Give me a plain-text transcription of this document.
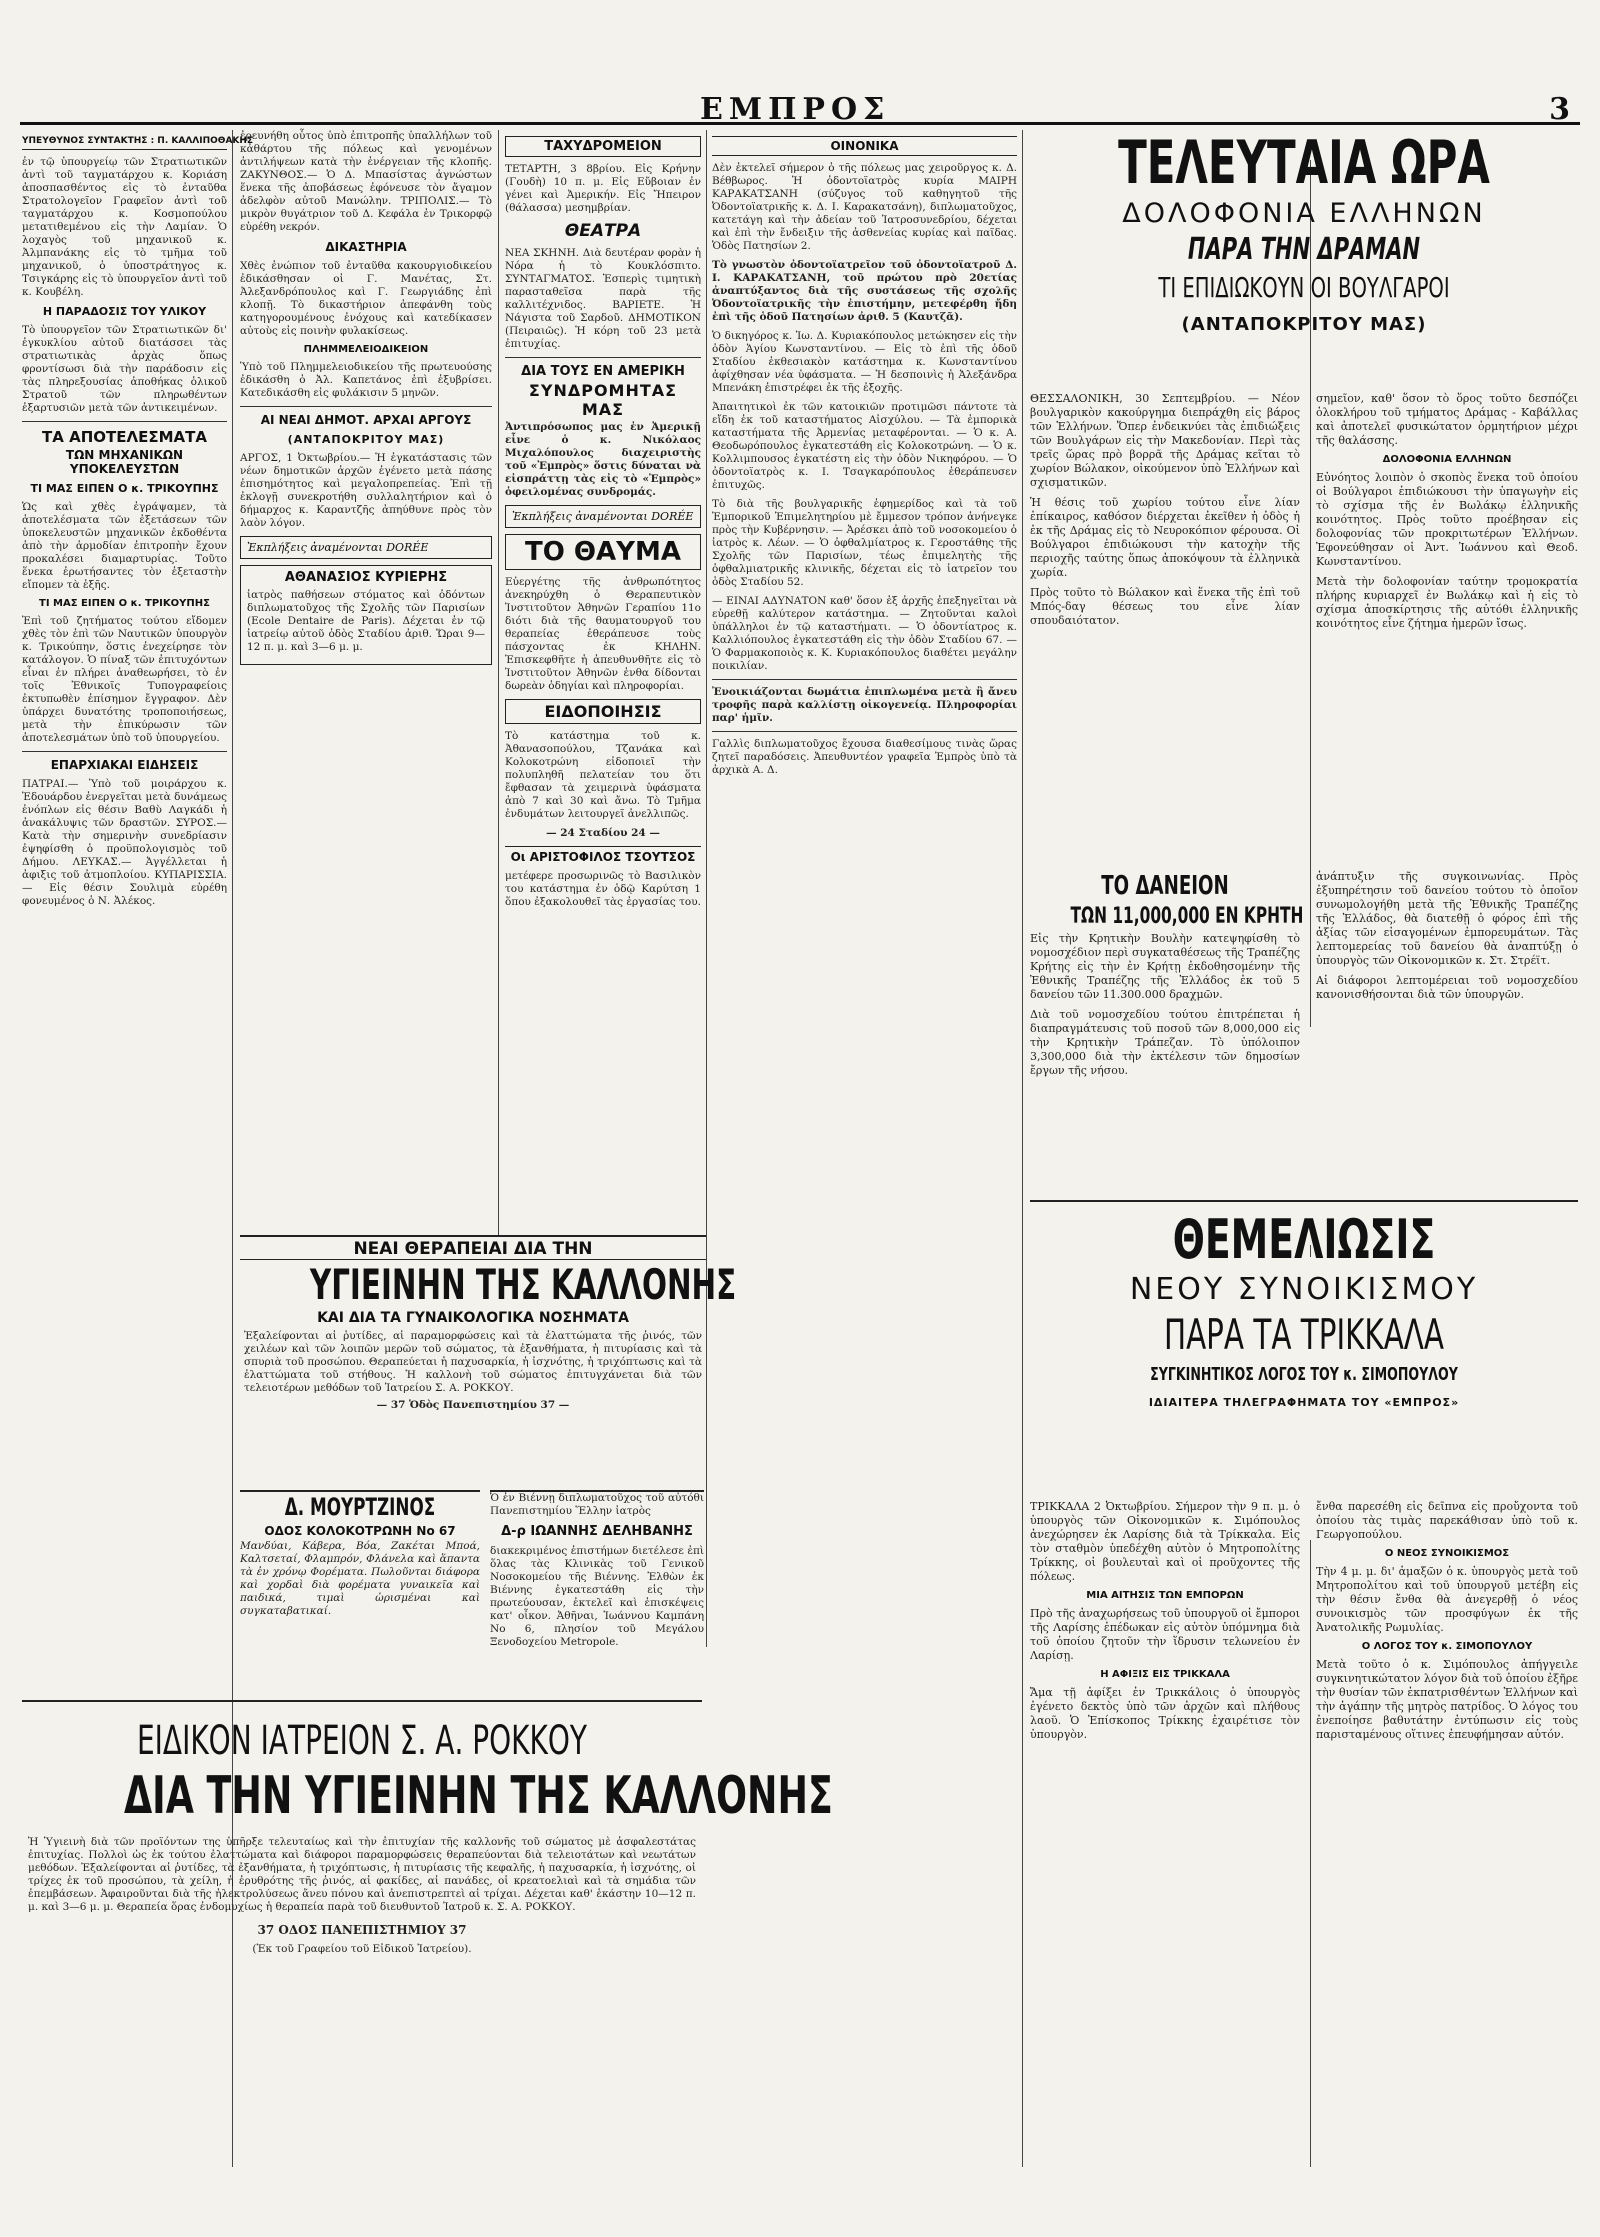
ΕΜΠΡΟΣ	3
ΥΠΕΥΘΥΝΟΣ ΣΥΝΤΑΚΤΗΣ : Π. ΚΑΛΛΙΠΟΘΑΚΗΣ

ἐν τῷ ὑπουργείῳ τῶν Στρατιωτικῶν ἀντὶ τοῦ ταγματάρχου κ. Κοριάση ἀποσπασθέντος εἰς τὸ ἐνταῦθα Στρατολογεῖον Γραφεῖον ἀντὶ τοῦ ταγματάρχου κ. Κοσμοπούλου μετατιθεμένου εἰς τὴν Λαμίαν. Ὁ λοχαγὸς τοῦ μηχανικοῦ κ. Ἀλμπανάκης εἰς τὸ τμῆμα τοῦ μηχανικοῦ, ὁ ὑποστράτηγος κ. Τσιγκάρης εἰς τὸ ὑπουργεῖον ἀντὶ τοῦ κ. Κουβέλη.

Η ΠΑΡΑΔΟΣΙΣ ΤΟΥ ΥΛΙΚΟΥ

Τὸ ὑπουργεῖον τῶν Στρατιωτικῶν δι' ἐγκυκλίου αὐτοῦ διατάσσει τὰς στρατιωτικὰς ἀρχὰς ὅπως φροντίσωσι διὰ τὴν παράδοσιν εἰς τὰς πληρεξουσίας ἀποθήκας ὁλικοῦ Στρατοῦ τῶν πληρωθέντων ἐξαρτυσιῶν μετὰ τῶν ἀντικειμένων.

ΤΑ ΑΠΟΤΕΛΕΣΜΑΤΑ
ΤΩΝ ΜΗΧΑΝΙΚΩΝ ΥΠΟΚΕΛΕΥΣΤΩΝ
ΤΙ ΜΑΣ ΕΙΠΕΝ Ο κ. ΤΡΙΚΟΥΠΗΣ

Ὡς καὶ χθὲς ἐγράψαμεν, τὰ ἀποτελέσματα τῶν ἐξετάσεων τῶν ὑποκελευστῶν μηχανικῶν ἐκδοθέντα ἀπὸ τὴν ἀρμοδίαν ἐπιτροπὴν ἔχουν προκαλέσει διαμαρτυρίας. Τοῦτο ἕνεκα ἐρωτήσαντες τὸν ἐξεταστὴν εἴπομεν τὰ ἑξῆς.

ΤΙ ΜΑΣ ΕΙΠΕΝ Ο κ. ΤΡΙΚΟΥΠΗΣ

Ἐπὶ τοῦ ζητήματος τούτου εἴδομεν χθὲς τὸν ἐπὶ τῶν Ναυτικῶν ὑπουργὸν κ. Τρικούπην, ὅστις ἐνεχείρησε τὸν κατάλογον. Ὁ πίναξ τῶν ἐπιτυχόντων εἶναι ἐν πλήρει ἀναθεωρήσει, τὸ ἐν τοῖς Ἐθνικοῖς Τυπογραφείοις ἐκτυπωθὲν ἐπίσημον ἔγγραφον. Δὲν ὑπάρχει δυνατότης τροποποιήσεως, μετὰ τὴν ἐπικύρωσιν τῶν ἀποτελεσμάτων ὑπὸ τοῦ ὑπουργείου.

ΕΠΑΡΧΙΑΚΑΙ ΕΙΔΗΣΕΙΣ

ΠΑΤΡΑΙ.— Ὑπὸ τοῦ μοιράρχου κ. Ἐδουάρδου ἐνεργεῖται μετὰ δυνάμεως ἐνόπλων εἰς θέσιν Βαθὺ Λαγκάδι ἡ ἀνακάλυψις τῶν δραστῶν. ΣΥΡΟΣ.— Κατὰ τὴν σημερινὴν συνεδρίασιν ἐψηφίσθη ὁ προϋπολογισμὸς τοῦ Δήμου. ΛΕΥΚΑΣ.— Ἀγγέλλεται ἡ ἀφιξις τοῦ ἀτμοπλοίου. ΚΥΠΑΡΙΣΣΙΑ.— Εἰς θέσιν Σουλιμὰ εὑρέθη φονευμένος ὁ Ν. Ἀλέκος.

ἐρευνήθη οὗτος ὑπὸ ἐπιτροπῆς ὑπαλλήλων τοῦ κἀθάρτου τῆς πόλεως καὶ γενομένων ἀντιλήψεων κατὰ τὴν ἐνέργειαν τῆς κλοπῆς. ΖΑΚΥΝΘΟΣ.— Ὁ Δ. Μπασίστας ἀγνώστων ἕνεκα τῆς ἀποβάσεως ἐφόνευσε τὸν ἄγαμον ἀδελφὸν αὐτοῦ Μανώλην. ΤΡΙΠΟΛΙΣ.— Τὸ μικρὸν θυγάτριον τοῦ Δ. Κεφάλα ἐν Τρικορφῷ εὑρέθη νεκρόν.

ΔΙΚΑΣΤΗΡΙΑ

Χθὲς ἐνώπιον τοῦ ἐνταῦθα κακουργιοδικείου ἐδικάσθησαν οἱ Γ. Μανέτας, Στ. Ἀλεξανδρόπουλος καὶ Γ. Γεωργιάδης ἐπὶ κλοπῇ. Τὸ δικαστήριον ἀπεφάνθη τοὺς κατηγορουμένους ἐνόχους καὶ κατεδίκασεν αὐτοὺς εἰς ποινὴν φυλακίσεως.

ΠΛΗΜΜΕΛΕΙΟΔΙΚΕΙΟΝ

Ὑπὸ τοῦ Πλημμελειοδικείου τῆς πρωτευούσης ἐδικάσθη ὁ Ἀλ. Καπετάνος ἐπὶ ἐξυβρίσει. Κατεδικάσθη εἰς φυλάκισιν 5 μηνῶν.

ΑΙ ΝΕΑΙ ΔΗΜΟΤ. ΑΡΧΑΙ ΑΡΓΟΥΣ
(ΑΝΤΑΠΟΚΡΙΤΟΥ ΜΑΣ)

ΑΡΓΟΣ, 1 Ὀκτωβρίου.— Ἡ ἐγκατάστασις τῶν νέων δημοτικῶν ἀρχῶν ἐγένετο μετὰ πάσης ἐπισημότητος καὶ μεγαλοπρεπείας. Ἐπὶ τῇ ἐκλογῇ συνεκροτήθη συλλαλητήριον καὶ ὁ δήμαρχος κ. Καραντζῆς ἀπηύθυνε πρὸς τὸν λαὸν λόγον.

Ἐκπλήξεις ἀναμένονται DORÉE
ΑΘΑΝΑΣΙΟΣ ΚΥΡΙΕΡΗΣ

ἰατρὸς παθήσεων στόματος καὶ ὀδόντων διπλωματοῦχος τῆς Σχολῆς τῶν Παρισίων (Ecole Dentaire de Paris). Δέχεται ἐν τῷ ἰατρείῳ αὐτοῦ ὁδὸς Σταδίου ἀριθ. Ὥραι 9—12 π. μ. καὶ 3—6 μ. μ.

ΤΑΧΥΔΡΟΜΕΙΟΝ

ΤΕΤΑΡΤΗ, 3 8βρίου. Εἰς Κρήνην (Γουδὴ) 10 π. μ. Εἰς Εὔβοιαν ἐν γένει καὶ Ἀμερικήν. Εἰς Ἤπειρον (θάλασσα) μεσημβρίαν.

ΘΕΑΤΡΑ

ΝΕΑ ΣΚΗΝΗ. Διὰ δευτέραν φορὰν ἡ Νόρα ἡ τὸ Κουκλόσπιτο. ΣΥΝΤΑΓΜΑΤΟΣ. Ἑσπερὶς τιμητικὴ παρασταθεῖσα παρὰ τῆς καλλιτέχνιδος. ΒΑΡΙΕΤΕ. Ἡ Νάγιστα τοῦ Σαρδοῦ. ΔΗΜΟΤΙΚΟΝ (Πειραιῶς). Ἡ κόρη τοῦ 23 μετὰ ἐπιτυχίας.

ΔΙΑ ΤΟΥΣ ΕΝ ΑΜΕΡΙΚΗ
ΣΥΝΔΡΟΜΗΤΑΣ ΜΑΣ

Ἀντιπρόσωπος μας ἐν Ἀμερικῇ εἶνε ὁ κ. Νικόλαος Μιχαλόπουλος διαχειριστὴς τοῦ «Ἐμπρὸς» ὅστις δύναται νὰ εἰσπράττῃ τὰς εἰς τὸ «Ἐμπρὸς» ὀφειλομένας συνδρομάς.

Ἐκπλήξεις ἀναμένονται DORÉE
ΤΟ ΘΑΥΜΑ

Εὐεργέτης τῆς ἀνθρωπότητος ἀνεκηρύχθη ὁ Θεραπευτικὸν Ἰνστιτοῦτον Ἀθηνῶν Γεραπίου 11ο διότι διὰ τῆς θαυματουργοῦ του θεραπείας ἐθεράπευσε τοὺς πάσχοντας ἐκ ΚΗΛΗΝ. Ἐπισκεφθῆτε ἡ ἀπευθυνθῆτε εἰς τὸ Ἰνστιτοῦτον Ἀθηνῶν ἐνθα δίδονται δωρεὰν ὁδηγίαι καὶ πληροφορίαι.

ΕΙΔΟΠΟΙΗΣΙΣ

Τὸ κατάστημα τοῦ κ. Ἀθανασοπούλου, Τζανάκα καὶ Κολοκοτρώνη εἰδοποιεῖ τὴν πολυπληθῆ πελατείαν του ὅτι ἔφθασαν τὰ χειμερινὰ ὑφάσματα ἀπὸ 7 καὶ 30 καὶ ἄνω. Τὸ Τμῆμα ἐνδυμάτων λειτουργεῖ ἀνελλιπῶς.

— 24 Σταδίου 24 —

Οι ΑΡΙΣΤΟΦΙΛΟΣ ΤΣΟΥΤΣΟΣ

μετέφερε προσωρινῶς τὸ Βασιλικὸν του κατάστημα ἐν ὁδῷ Καρύτση 1 ὅπου ἐξακολουθεῖ τὰς ἐργασίας του.

ΟΙΝΟΝΙΚΑ

Δὲν ἐκτελεῖ σήμερον ὁ τῆς πόλεως μας χειροῦργος κ. Δ. Βέθβωρος. Ἡ ὀδοντοϊατρὸς κυρία ΜΑΙΡΗ ΚΑΡΑΚΑΤΣΑΝΗ (σύζυγος τοῦ καθηγητοῦ τῆς Ὀδοντοϊατρικῆς κ. Δ. Ι. Καρακατσάνη), διπλωματοῦχος, κατετάγη καὶ τὴν ἀδείαν τοῦ Ἰατροσυνεδρίου, δέχεται καὶ ἐπὶ τὴν ἔνδειξιν τῆς ἀσθενείας κυρίας καὶ παῖδας. Ὁδὸς Πατησίων 2.

Τὸ γνωστὸν ὀδοντοϊατρεῖον τοῦ ὀδοντοϊατροῦ Δ. Ι. ΚΑΡΑΚΑΤΣΑΝΗ, τοῦ πρώτου πρὸ 20ετίας ἀναπτύξαντος διὰ τῆς συστάσεως τῆς σχολῆς Ὀδοντοϊατρικῆς τὴν ἐπιστήμην, μετεφέρθη ἤδη ἐπὶ τῆς ὁδοῦ Πατησίων ἀριθ. 5 (Καυτζᾶ).

Ὁ δικηγόρος κ. Ἰω. Δ. Κυριακόπουλος μετώκησεν εἰς τὴν ὁδὸν Ἁγίου Κωνσταντίνου. — Εἰς τὸ ἐπὶ τῆς ὁδοῦ Σταδίου ἐκθεσιακὸν κατάστημα κ. Κωνσταντίνου ἀφίχθησαν νέα ὑφάσματα. — Ἡ δεσποινὶς ἡ Ἀλεξάνδρα Μπενάκη ἐπιστρέφει ἐκ τῆς ἐξοχῆς.

Ἀπαιτητικοὶ ἐκ τῶν κατοικιῶν προτιμῶσι πάντοτε τὰ εἴδη ἐκ τοῦ καταστήματος Αἰσχύλου. — Τὰ ἐμπορικὰ καταστήματα τῆς Ἀρμενίας μεταφέρονται. — Ὁ κ. Α. Θεοδωρόπουλος ἐγκατεστάθη εἰς Κολοκοτρώνη. — Ὁ κ. Κολλιμπουσος ἐγκατέστη εἰς τὴν ὁδὸν Νικηφόρου. — Ὁ ὀδοντοϊατρὸς κ. Ι. Τσαγκαρόπουλος ἐθεράπευσεν ἐπιτυχῶς.

Τὸ διὰ τῆς βουλγαρικῆς ἐφημερίδος καὶ τὰ τοῦ Ἐμπορικοῦ Ἐπιμελητηρίου μὲ ἔμμεσον τρόπον ἀνήνεγκε πρὸς τὴν Κυβέρνησιν. — Ἀρέσκει ἀπὸ τοῦ νοσοκομείου ὁ ἰατρὸς κ. Λέων. — Ὁ ὀφθαλμίατρος κ. Γεροστάθης τῆς Σχολῆς τῶν Παρισίων, τέως ἐπιμελητὴς τῆς ὀφθαλμιατρικῆς κλινικῆς, δέχεται εἰς τὸ ἰατρεῖον του ὁδὸς Σταδίου 52.

— ΕΙΝΑΙ ΑΔΥΝΑΤΟΝ καθ' ὅσον ἐξ ἀρχῆς ἐπεξηγεῖται νὰ εὑρεθῇ καλύτερον κατάστημα. — Ζητοῦνται καλοὶ ὑπάλληλοι ἐν τῷ καταστήματι. — Ὁ ὀδοντίατρος κ. Καλλιόπουλος ἐγκατεστάθη εἰς τὴν ὁδὸν Σταδίου 67. — Ὁ Φαρμακοποιὸς κ. Κ. Κυριακόπουλος διαθέτει μεγάλην ποικιλίαν.

Ἐνοικιάζονται δωμάτια ἐπιπλωμένα μετὰ ἢ ἄνευ τροφῆς παρὰ καλλίστῃ οἰκογενείᾳ. Πληροφορίαι παρ' ἡμῖν.

Γαλλὶς διπλωματοῦχος ἔχουσα διαθεσίμους τινὰς ὥρας ζητεῖ παραδόσεις. Ἀπευθυντέον γραφεῖα Ἐμπρὸς ὑπὸ τὰ ἀρχικὰ Α. Δ.

ΤΕΛΕΥΤΑΙΑ ΩΡΑ
ΔΟΛΟΦΟΝΙΑ ΕΛΛΗΝΩΝ
ΠΑΡΑ ΤΗΝ ΔΡΑΜΑΝ
ΤΙ ΕΠΙΔΙΩΚΟΥΝ ΟΙ ΒΟΥΛΓΑΡΟΙ
(ΑΝΤΑΠΟΚΡΙΤΟΥ ΜΑΣ)

ΘΕΣΣΑΛΟΝΙΚΗ, 30 Σεπτεμβρίου. — Νέον βουλγαρικὸν κακούργημα διεπράχθη εἰς βάρος τῶν Ἑλλήνων. Ὅπερ ἐνδεικνύει τὰς ἐπιδιώξεις τῶν Βουλγάρων εἰς τὴν Μακεδονίαν. Περὶ τὰς τρεῖς ὥρας πρὸ βορρᾶ τῆς Δράμας κεῖται τὸ χωρίον Βώλακον, οἰκούμενον ὑπὸ Ἑλλήνων καὶ σχισματικῶν.

Ἡ θέσις τοῦ χωρίου τούτου εἶνε λίαν ἐπίκαιρος, καθόσον διέρχεται ἐκεῖθεν ἡ ὁδὸς ἡ ἐκ τῆς Δράμας εἰς τὸ Νευροκόπιον φέρουσα. Οἱ Βούλγαροι ἐπιδιώκουσι τὴν κατοχὴν τῆς περιοχῆς ταύτης ὅπως ἀποκόψουν τὰ ἐλληνικὰ χωρία.

Πρὸς τοῦτο τὸ Βώλακον καὶ ἕνεκα τῆς ἐπὶ τοῦ Μπός-δαγ θέσεως του εἶνε λίαν σπουδαιότατον.

σημεῖον, καθ' ὅσον τὸ ὅρος τοῦτο δεσπόζει ὁλοκλήρου τοῦ τμήματος Δράμας - Καβάλλας καὶ ἀποτελεῖ φυσικώτατον ὁρμητήριον μέχρι τῆς θαλάσσης.

ΔΟΛΟΦΟΝΙΑ ΕΛΛΗΝΩΝ

Εὐνόητος λοιπὸν ὁ σκοπὸς ἕνεκα τοῦ ὁποίου οἱ Βούλγαροι ἐπιδιώκουσι τὴν ὑπαγωγὴν εἰς τὸ σχίσμα τῆς ἐν Βωλάκῳ ἑλληνικῆς κοινότητος. Πρὸς τοῦτο προέβησαν εἰς δολοφονίας τῶν προκριτωτέρων Ἑλλήνων. Ἐφονεύθησαν οἱ Ἀντ. Ἰωάννου καὶ Θεοδ. Κωνσταντίνου.

Μετὰ τὴν δολοφονίαν ταύτην τρομοκρατία πλήρης κυριαρχεῖ ἐν Βωλάκῳ καὶ ἡ εἰς τὸ σχίσμα ἀποσκίρτησις τῆς αὐτόθι ἑλληνικῆς κοινότητος εἶνε ζήτημα ἡμερῶν ἴσως.

ΤΟ ΔΑΝΕΙΟΝ
ΤΩΝ 11,000,000 ΕΝ ΚΡΗΤΗ

Εἰς τὴν Κρητικὴν Βουλὴν κατεψηφίσθη τὸ νομοσχέδιον περὶ συγκαταθέσεως τῆς Τραπέζης Κρήτης εἰς τὴν ἐν Κρήτῃ ἐκδοθησομένην τῆς Ἐθνικῆς Τραπέζης τῆς Ἑλλάδος ἐκ τοῦ 5 δανείου τῶν 11.300.000 δραχμῶν.

Διὰ τοῦ νομοσχεδίου τούτου ἐπιτρέπεται ἡ διαπραγμάτευσις τοῦ ποσοῦ τῶν 8,000,000 εἰς τὴν Κρητικὴν Τράπεζαν. Τὸ ὑπόλοιπον 3,300,000 διὰ τὴν ἐκτέλεσιν τῶν δημοσίων ἔργων τῆς νήσου.

ἀνάπτυξιν τῆς συγκοινωνίας. Πρὸς ἐξυπηρέτησιν τοῦ δανείου τούτου τὸ ὁποῖον συνωμολογήθη μετὰ τῆς Ἐθνικῆς Τραπέζης τῆς Ἑλλάδος, θὰ διατεθῇ ὁ φόρος ἐπὶ τῆς ἀξίας τῶν εἰσαγομένων ἐμπορευμάτων. Τὰς λεπτομερείας τοῦ δανείου θὰ ἀναπτύξῃ ὁ ὑπουργὸς τῶν Οἰκονομικῶν κ. Στ. Στρέϊτ.

Αἱ διάφοροι λεπτομέρειαι τοῦ νομοσχεδίου κανονισθήσονται διὰ τῶν ὑπουργῶν.

ΘΕΜΕΛΙΩΣΙΣ
ΝΕΟΥ ΣΥΝΟΙΚΙΣΜΟΥ
ΠΑΡΑ ΤΑ ΤΡΙΚΚΑΛΑ
ΣΥΓΚΙΝΗΤΙΚΟΣ ΛΟΓΟΣ ΤΟΥ κ. ΣΙΜΟΠΟΥΛΟΥ
ΙΔΙΑΙΤΕΡΑ ΤΗΛΕΓΡΑΦΗΜΑΤΑ ΤΟΥ «ΕΜΠΡΟΣ»

ΤΡΙΚΚΑΛΑ 2 Ὀκτωβρίου. Σήμερον τὴν 9 π. μ. ὁ ὑπουργὸς τῶν Οἰκονομικῶν κ. Σιμόπουλος ἀνεχώρησεν ἐκ Λαρίσης διὰ τὰ Τρίκκαλα. Εἰς τὸν σταθμὸν ὑπεδέχθη αὐτὸν ὁ Μητροπολίτης Τρίκκης, οἱ βουλευταὶ καὶ οἱ προῦχοντες τῆς πόλεως.

ΜΙΑ ΑΙΤΗΣΙΣ ΤΩΝ ΕΜΠΟΡΩΝ

Πρὸ τῆς ἀναχωρήσεως τοῦ ὑπουργοῦ οἱ ἔμποροι τῆς Λαρίσης ἐπέδωκαν εἰς αὐτὸν ὑπόμνημα διὰ τοῦ ὁποίου ζητοῦν τὴν ἵδρυσιν τελωνείου ἐν Λαρίσῃ.

Η ΑΦΙΞΙΣ ΕΙΣ ΤΡΙΚΚΑΛΑ

Ἄμα τῇ ἀφίξει ἐν Τρικκάλοις ὁ ὑπουργὸς ἐγένετο δεκτὸς ὑπὸ τῶν ἀρχῶν καὶ πλήθους λαοῦ. Ὁ Ἐπίσκοπος Τρίκκης ἐχαιρέτισε τὸν ὑπουργὸν.

ἔνθα παρεσέθη εἰς δεῖπνα εἰς προὔχοντα τοῦ ὁποίου τὰς τιμὰς παρεκάθισαν ὑπὸ τοῦ κ. Γεωργοπούλου.

Ο ΝΕΟΣ ΣΥΝΟΙΚΙΣΜΟΣ

Τὴν 4 μ. μ. δι' ἁμαξῶν ὁ κ. ὑπουργὸς μετὰ τοῦ Μητροπολίτου καὶ τοῦ ὑπουργοῦ μετέβη εἰς τὴν θέσιν ἔνθα θὰ ἀνεγερθῇ ὁ νέος συνοικισμὸς τῶν προσφύγων ἐκ τῆς Ἀνατολικῆς Ρωμυλίας.

Ο ΛΟΓΟΣ ΤΟΥ κ. ΣΙΜΟΠΟΥΛΟΥ

Μετὰ τοῦτο ὁ κ. Σιμόπουλος ἀπήγγειλε συγκινητικώτατον λόγον διὰ τοῦ ὁποίου ἐξῆρε τὴν θυσίαν τῶν ἐκπατρισθέντων Ἑλλήνων καὶ τὴν ἀγάπην τῆς μητρὸς πατρίδος. Ὁ λόγος του ἐνεποίησε βαθυτάτην ἐντύπωσιν εἰς τοὺς παρισταμένους οἵτινες ἐπευφήμησαν αὐτόν.

ΝΕΑΙ ΘΕΡΑΠΕΙΑΙ ΔΙΑ ΤΗΝ
ΥΓΙΕΙΝΗΝ ΤΗΣ ΚΑΛΛΟΝΗΣ
ΚΑΙ ΔΙΑ ΤΑ ΓΥΝΑΙΚΟΛΟΓΙΚΑ ΝΟΣΗΜΑΤΑ

Ἐξαλείφονται αἱ ῥυτίδες, αἱ παραμορφώσεις καὶ τὰ ἐλαττώματα τῆς ῥινός, τῶν χειλέων καὶ τῶν λοιπῶν μερῶν τοῦ σώματος, τὰ ἐξανθήματα, ἡ πιτυρίασις καὶ τὰ σπυριὰ τοῦ προσώπου. Θεραπεύεται ἡ παχυσαρκία, ἡ ἰσχνότης, ἡ τριχόπτωσις καὶ τὰ ἐλαττώματα τοῦ στήθους. Ἡ καλλονὴ τοῦ σώματος ἐπιτυγχάνεται διὰ τῶν τελειοτέρων μεθόδων τοῦ Ἰατρείου Σ. Α. ΡΟΚΚΟΥ.

— 37 Ὁδὸς Πανεπιστημίου 37 —

Δ. ΜΟΥΡΤΖΙΝΟΣ
ΟΔΟΣ ΚΟΛΟΚΟΤΡΩΝΗ Νο 67

Μανδύαι, Κάβερα, Βόα, Ζακέται Μποά, Καλτσεταί, Φλαμπρόν, Φλάνελα καὶ ἅπαντα τὰ ἐν χρόνῳ Φορέματα. Πωλοῦνται διάφορα καὶ χορδαὶ διὰ φορέματα γυναικεῖα καὶ παιδικά, τιμαὶ ὡρισμέναι καὶ συγκαταβατικαί.

Ὁ ἐν Βιέννῃ διπλωματοῦχος τοῦ αὐτόθι Πανεπιστημίου Ἕλλην ἰατρὸς

Δ-ρ ΙΩΑΝΝΗΣ ΔΕΛΗΒΑΝΗΣ

διακεκριμένος ἐπιστήμων διετέλεσε ἐπὶ ὅλας τὰς Κλινικὰς τοῦ Γενικοῦ Νοσοκομείου τῆς Βιέννης. Ἐλθὼν ἐκ Βιέννης ἐγκατεστάθη εἰς τὴν πρωτεύουσαν, ἐκτελεῖ καὶ ἐπισκέψεις κατ' οἶκον. Ἀθῆναι, Ἰωάννου Καμπάνη Νο 6, πλησίον τοῦ Μεγάλου Ξενοδοχείου Metropole.

ΕΙΔΙΚΟΝ ΙΑΤΡΕΙΟΝ Σ. Α. ΡΟΚΚΟΥ
ΔΙΑ ΤΗΝ ΥΓΙΕΙΝΗΝ ΤΗΣ ΚΑΛΛΟΝΗΣ

Ἡ Ὑγιεινὴ διὰ τῶν προϊόντων της ὑπῆρξε τελευταίως καὶ τὴν ἐπιτυχίαν τῆς καλλονῆς τοῦ σώματος μὲ ἀσφαλεστάτας ἐπιτυχίας. Πολλοὶ ὡς ἐκ τούτου ἐλαττώματα καὶ διάφοροι παραμορφώσεις θεραπεύονται διὰ τελειοτάτων καὶ νεωτάτων μεθόδων. Ἐξαλείφονται αἱ ῥυτίδες, τὰ ἐξανθήματα, ἡ τριχόπτωσις, ἡ πιτυρίασις τῆς κεφαλῆς, ἡ παχυσαρκία, ἡ ἰσχνότης, οἱ τρίχες ἐκ τοῦ προσώπου, τὰ χείλη, ἡ ἐρυθρότης τῆς ῥινός, αἱ φακίδες, αἱ πανάδες, οἱ κρεατοελιαὶ καὶ τὰ σημάδια τῶν ἐπεμβάσεων. Ἀφαιροῦνται διὰ τῆς ἠλεκτρολύσεως ἄνευ πόνου καὶ ἀνεπιστρεπτεὶ αἱ τρίχαι. Δέχεται καθ' ἑκάστην 10—12 π. μ. καὶ 3—6 μ. μ. Θεραπεία ὅρας ἐνδομυχίως ἡ θεραπεία παρὰ τοῦ διευθυντοῦ Ἰατροῦ κ. Σ. Α. ΡΟΚΚΟΥ.

37 ΟΔΟΣ ΠΑΝΕΠΙΣΤΗΜΙΟΥ 37

(Ἐκ τοῦ Γραφείου τοῦ Εἰδικοῦ Ἰατρείου).
